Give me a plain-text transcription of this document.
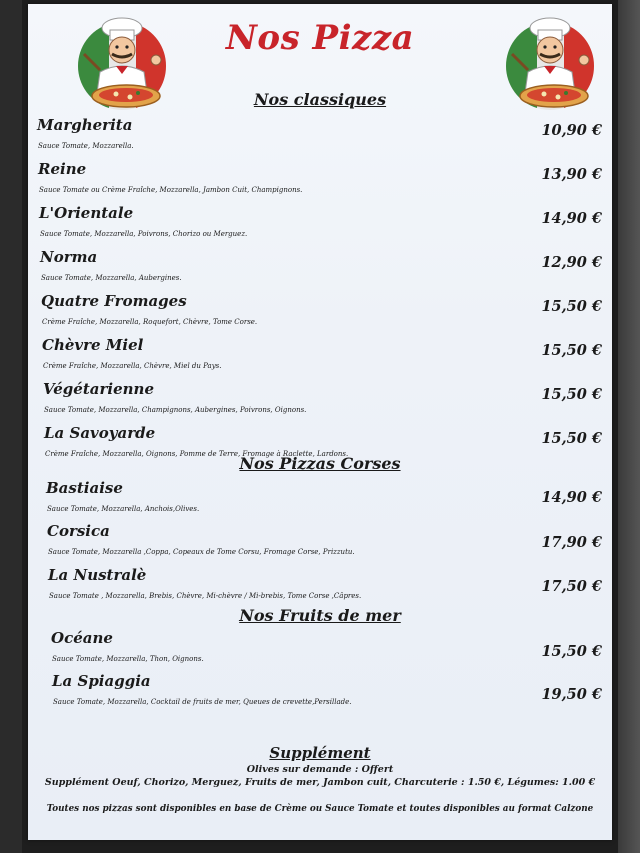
Nos Pizza
Nos classiques
Margherita
Sauce Tomate, Mozzarella.
10,90 €
Reine
Sauce Tomate ou Crème Fraîche, Mozzarella, Jambon Cuit, Champignons.
13,90 €
L'Orientale
Sauce Tomate, Mozzarella, Poivrons, Chorizo ou Merguez.
14,90 €
Norma
Sauce Tomate, Mozzarella, Aubergines.
12,90 €
Quatre Fromages
Crème Fraîche, Mozzarella, Roquefort, Chèvre, Tome Corse.
15,50 €
Chèvre Miel
Crème Fraîche, Mozzarella, Chèvre, Miel du Pays.
15,50 €
Végétarienne
Sauce Tomate, Mozzarella, Champignons, Aubergines, Poivrons, Oignons.
15,50 €
La Savoyarde
Crème Fraîche, Mozzarella, Oignons, Pomme de Terre, Fromage à Raclette, Lardons.
15,50 €
Nos Pizzas Corses
Bastiaise
Sauce Tomate, Mozzarella, Anchois,Olives.
14,90 €
Corsica
Sauce Tomate, Mozzarella ,Coppa, Copeaux de Tome Corsu, Fromage Corse, Prizzutu.
17,90 €
La Nustralè
Sauce Tomate , Mozzarella, Brebis, Chèvre, Mi-chèvre / Mi-brebis, Tome Corse ,Câpres.
17,50 €
Nos Fruits de mer
Océane
Sauce Tomate, Mozzarella, Thon, Oignons.	15,50 €
La Spiaggia
Sauce Tomate, Mozzarella, Cocktail de fruits de mer, Queues de crevette,Persillade.	19,50 €
Supplément
Olives sur demande : Offert
Supplément Oeuf, Chorizo, Merguez, Fruits de mer, Jambon cuit, Charcuterie : 1.50 €, Légumes: 1.00 €
Toutes nos pizzas sont disponibles en base de Crème ou Sauce Tomate et toutes disponibles au format Calzone
